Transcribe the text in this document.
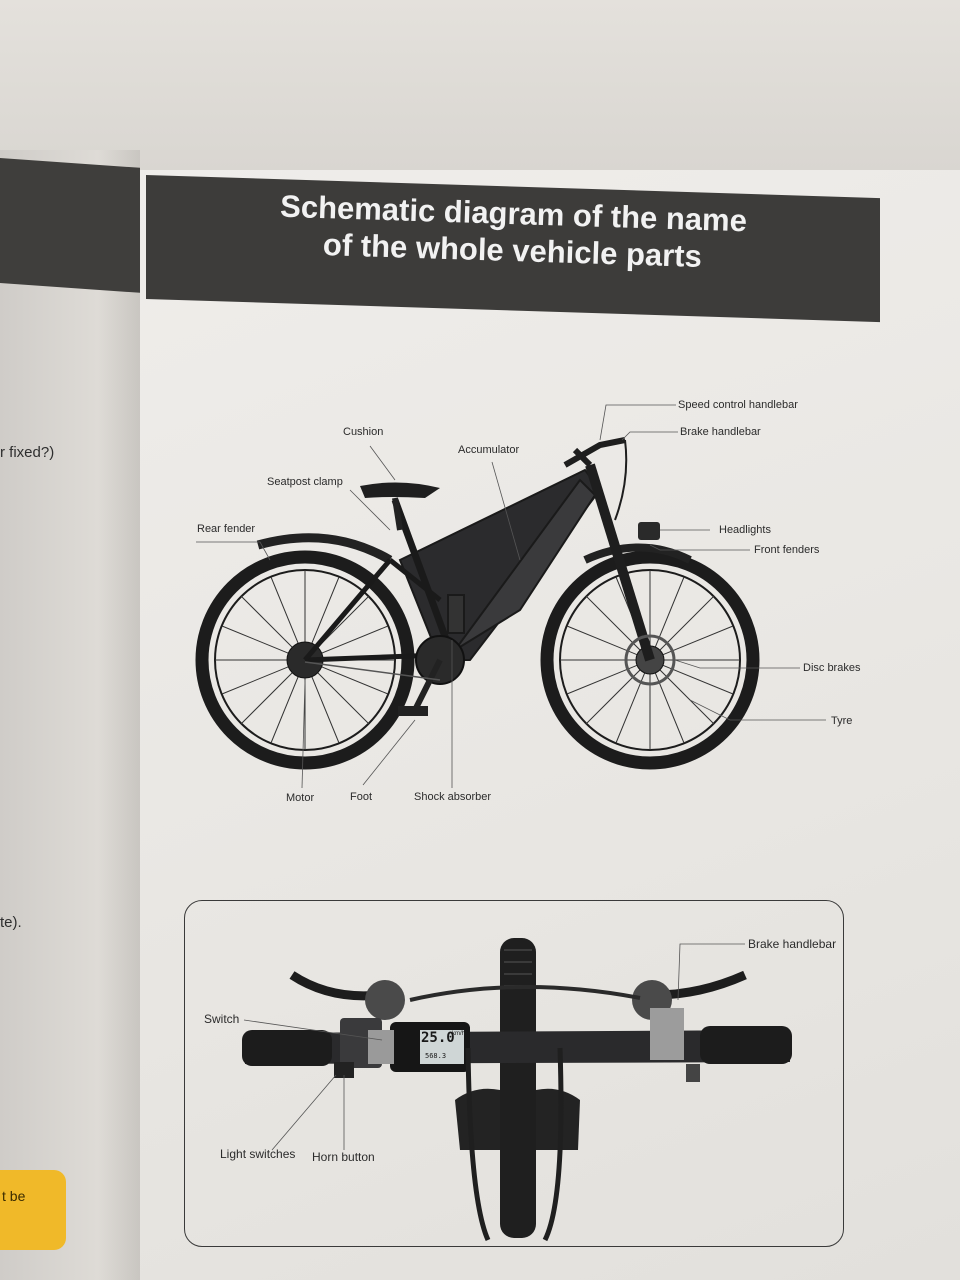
r fixed?)
te).
t be
Schematic diagram of the name
of the whole vehicle parts
25.0
km/h
568.3
Speed control handlebar
Brake handlebar
Cushion
Accumulator
Seatpost clamp
Rear fender	Headlights
Front fenders
Disc brakes
Tyre
Motor	Foot	Shock absorber
Brake handlebar
Switch
Light switches Horn button
